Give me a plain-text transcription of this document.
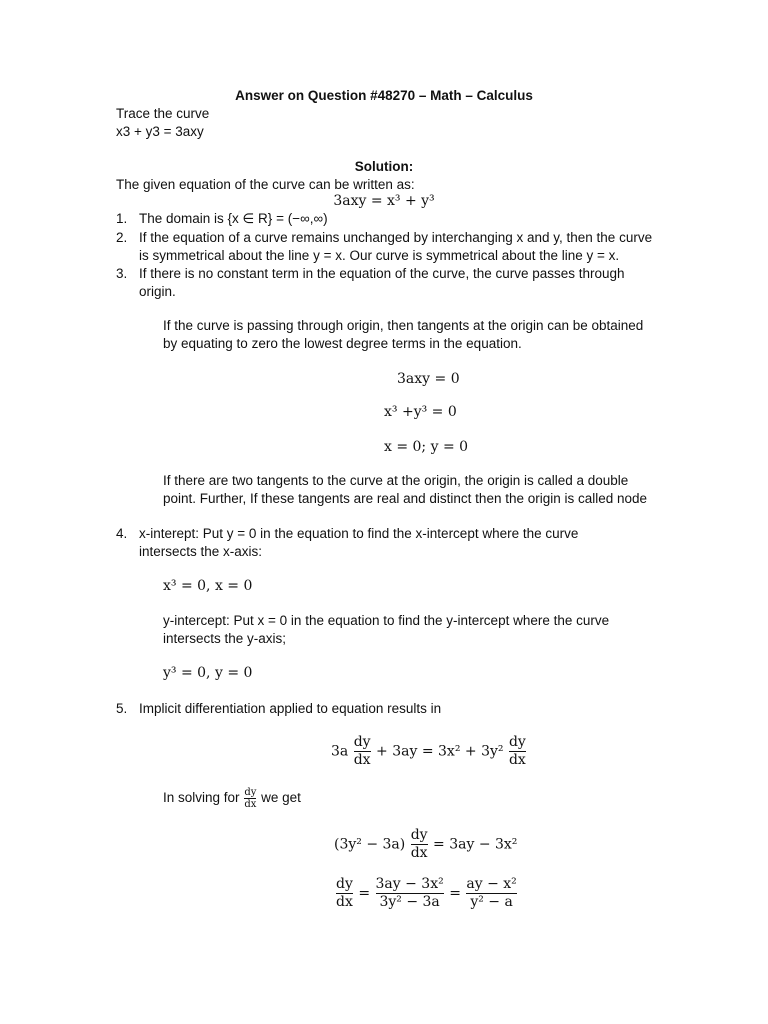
Answer on Question #48270 – Math – Calculus
Trace the curve
x3 + y3 = 3axy
Solution:
The given equation of the curve can be written as:
3axy = x³ + y³
1. The domain is {x ∈ R} = (−∞,∞)
2. If the equation of a curve remains unchanged by interchanging x and y, then the curve
is symmetrical about the line y = x. Our curve is symmetrical about the line y = x.
3. If there is no constant term in the equation of the curve, the curve passes through
origin.
If the curve is passing through origin, then tangents at the origin can be obtained
by equating to zero the lowest degree terms in the equation.
3axy = 0
x³ +y³ = 0
x = 0; y = 0
If there are two tangents to the curve at the origin, the origin is called a double
point. Further, If these tangents are real and distinct then the origin is called node
4. x-interept: Put y = 0 in the equation to find the x-intercept where the curve
intersects the x-axis:
x³ = 0, x = 0
y-intercept: Put x = 0 in the equation to find the y-intercept where the curve
intersects the y-axis;
y³ = 0, y = 0
5. Implicit differentiation applied to equation results in
$3a \frac{dy}{dx} + 3ay = 3x^2 + 3y^2 \frac{dy}{dx}$
In solving for $\frac{dy}{dx}$ we get
$(3y^2 - 3a) \frac{dy}{dx} = 3ay - 3x^2$
$\frac{dy}{dx} = \frac{\text{3ay − 3x²}}{\text{3y² − 3a}} = \frac{\text{ay − x²}}{\text{y² − a}}$
